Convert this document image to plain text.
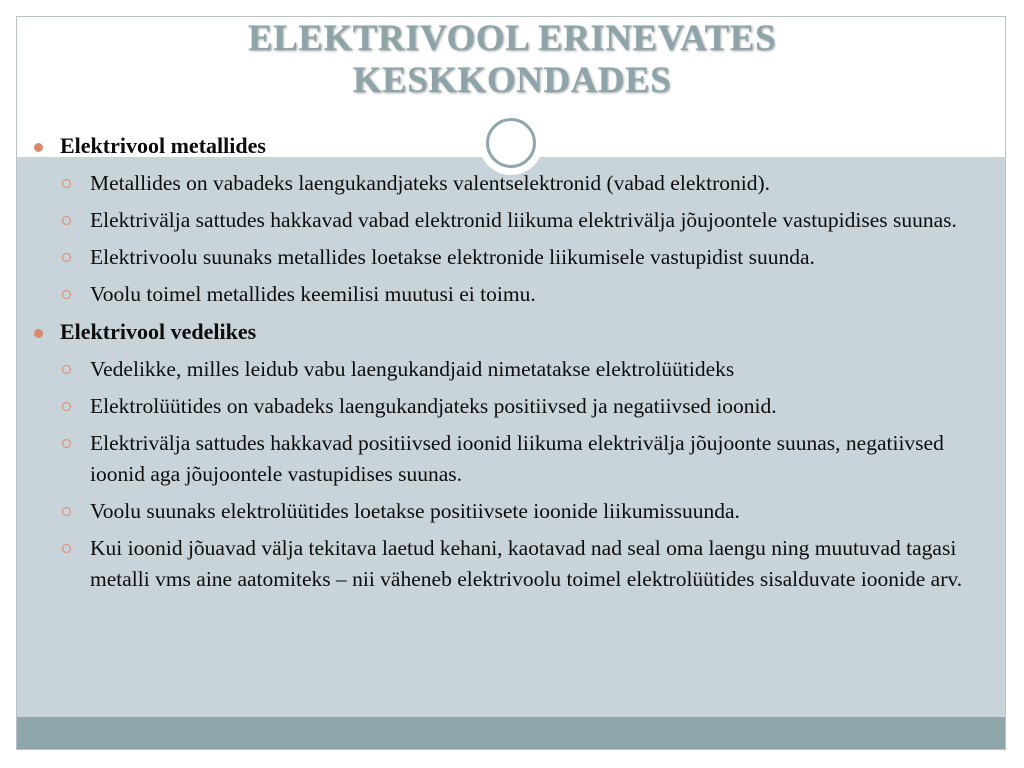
ELEKTRIVOOL ERINEVATES
KESKKONDADES
Elektrivool metallides
Metallides on vabadeks laengukandjateks valentselektronid (vabad elektronid).
Elektrivälja sattudes hakkavad vabad elektronid liikuma elektrivälja jõujoontele vastupidises suunas.
Elektrivoolu suunaks metallides loetakse elektronide liikumisele vastupidist suunda.
Voolu toimel metallides keemilisi muutusi ei toimu.
Elektrivool vedelikes
Vedelikke, milles leidub vabu laengukandjaid nimetatakse elektrolüütideks
Elektrolüütides on vabadeks laengukandjateks positiivsed ja negatiivsed ioonid.
Elektrivälja sattudes hakkavad positiivsed ioonid liikuma elektrivälja jõujoonte suunas, negatiivsed ioonid aga jõujoontele vastupidises suunas.
Voolu suunaks elektrolüütides loetakse positiivsete ioonide liikumissuunda.
Kui ioonid jõuavad välja tekitava laetud kehani, kaotavad nad seal oma laengu ning muutuvad tagasi metalli vms aine aatomiteks – nii väheneb elektrivoolu toimel elektrolüütides sisalduvate ioonide arv.
